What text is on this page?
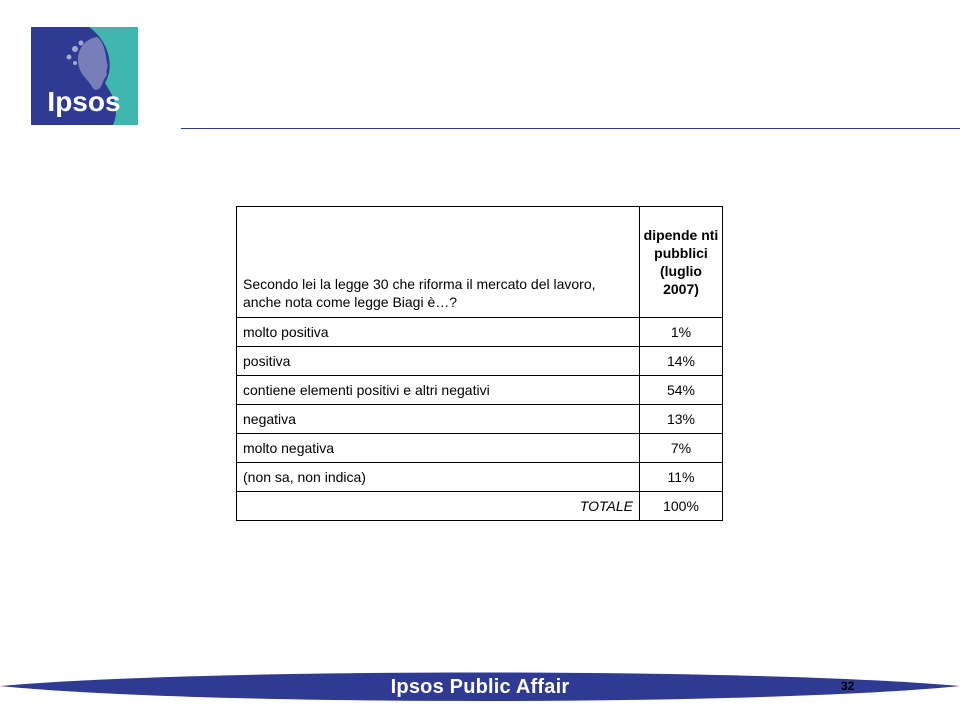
Ipsos
Secondo lei la legge 30 che riforma il mercato del lavoro, anche nota come legge Biagi è…?	dipende nti pubblici (luglio 2007)
molto positiva	1%
positiva	14%
contiene elementi positivi e altri negativi	54%
negativa	13%
molto negativa	7%
(non sa, non indica)	11%
TOTALE	100%
Ipsos Public Affair	32
